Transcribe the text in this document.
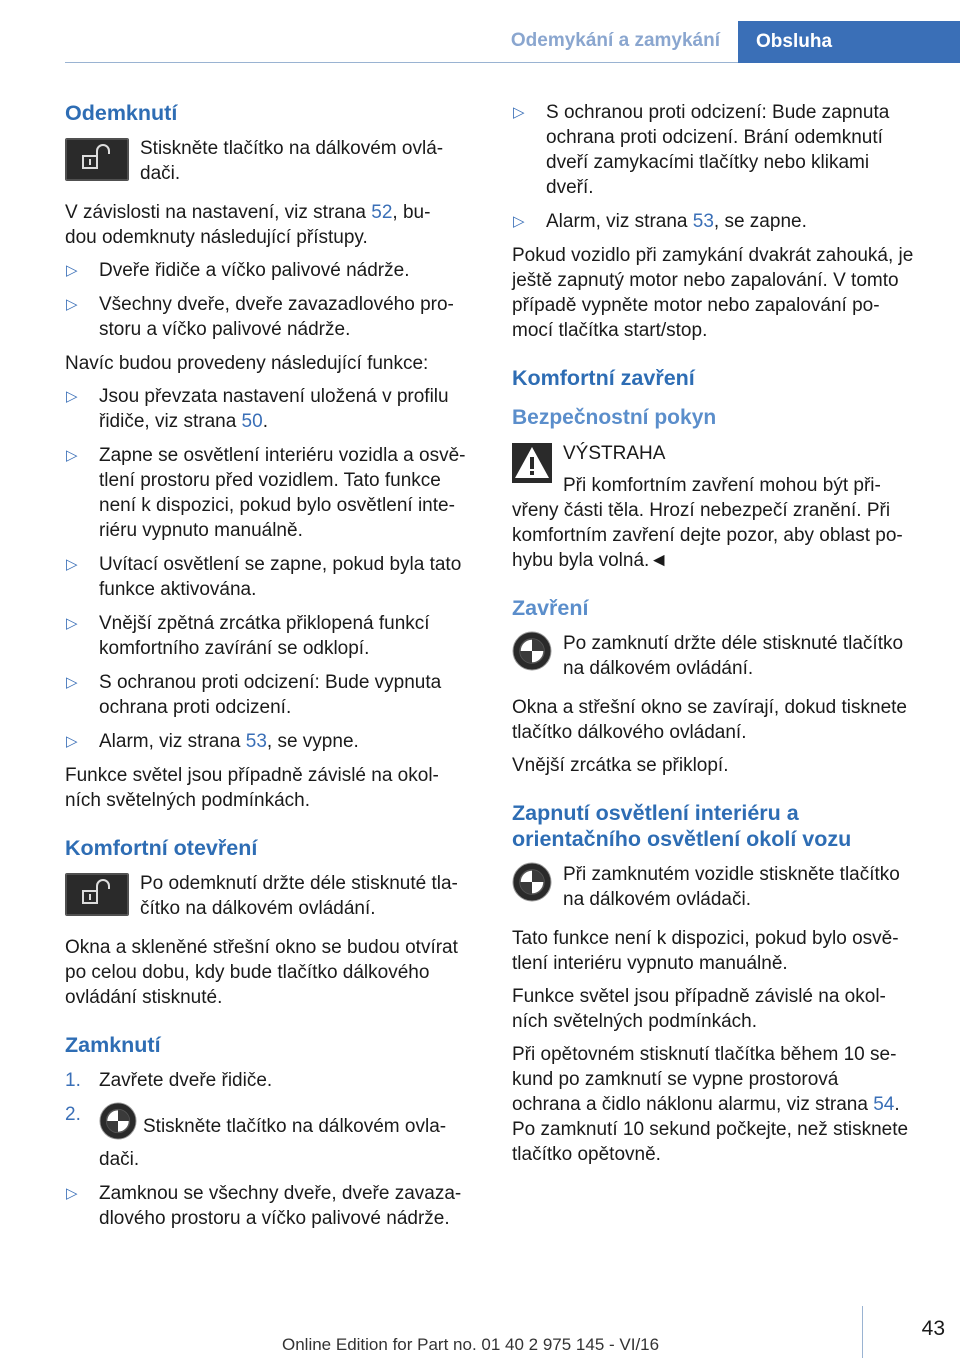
Odemykání a zamykání	Obsluha
Odemknutí
Stiskněte tlačítko na dálkovém ovlá-
dači.

V závislosti na nastavení, viz strana 52, bu-
dou odemknuty následující přístupy.

▷ Dveře řidiče a víčko palivové nádrže.
▷ Všechny dveře, dveře zavazadlového pro-
storu a víčko palivové nádrže.

Navíc budou provedeny následující funkce:

▷ Jsou převzata nastavení uložená v profilu
řidiče, viz strana 50.
▷ Zapne se osvětlení interiéru vozidla a osvě-
tlení prostoru před vozidlem. Tato funkce
není k dispozici, pokud bylo osvětlení inte-
riéru vypnuto manuálně.
▷ Uvítací osvětlení se zapne, pokud byla tato
funkce aktivována.
▷ Vnější zpětná zrcátka přiklopená funkcí
komfortního zavírání se odklopí.
▷ S ochranou proti odcizení: Bude vypnuta
ochrana proti odcizení.
▷ Alarm, viz strana 53, se vypne.

Funkce světel jsou případně závislé na okol-
ních světelných podmínkách.

Komfortní otevření
Po odemknutí držte déle stisknuté tla-
čítko na dálkovém ovládání.

Okna a skleněné střešní okno se budou otvírat
po celou dobu, kdy bude tlačítko dálkového
ovládání stisknuté.

Zamknutí
1. Zavřete dveře řidiče.
2.
Stiskněte tlačítko na dálkovém ovla-
dači.
▷ Zamknou se všechny dveře, dveře zavaza-
dlového prostoru a víčko palivové nádrže.
▷ S ochranou proti odcizení: Bude zapnuta
ochrana proti odcizení. Brání odemknutí
dveří zamykacími tlačítky nebo klikami
dveří.
▷ Alarm, viz strana 53, se zapne.

Pokud vozidlo při zamykání dvakrát zahouká, je
ještě zapnutý motor nebo zapalování. V tomto
případě vypněte motor nebo zapalování po-
mocí tlačítka start/stop.

Komfortní zavření
Bezpečnostní pokyn
VÝSTRAHA

Při komfortním zavření mohou být při-
vřeny části těla. Hrozí nebezpečí zranění. Při
komfortním zavření dejte pozor, aby oblast po-
hybu byla volná.◄

Zavření
Po zamknutí držte déle stisknuté tlačítko
na dálkovém ovládání.

Okna a střešní okno se zavírají, dokud tisknete
tlačítko dálkového ovládaní.

Vnější zrcátka se přiklopí.

Zapnutí osvětlení interiéru a
orientačního osvětlení okolí vozu
Při zamknutém vozidle stiskněte tlačítko
na dálkovém ovládači.

Tato funkce není k dispozici, pokud bylo osvě-
tlení interiéru vypnuto manuálně.

Funkce světel jsou případně závislé na okol-
ních světelných podmínkách.

Při opětovném stisknutí tlačítka během 10 se-
kund po zamknutí se vypne prostorová
ochrana a čidlo náklonu alarmu, viz strana 54.
Po zamknutí 10 sekund počkejte, než stisknete
tlačítko opětovně.

43
Online Edition for Part no. 01 40 2 975 145 - VI/16
